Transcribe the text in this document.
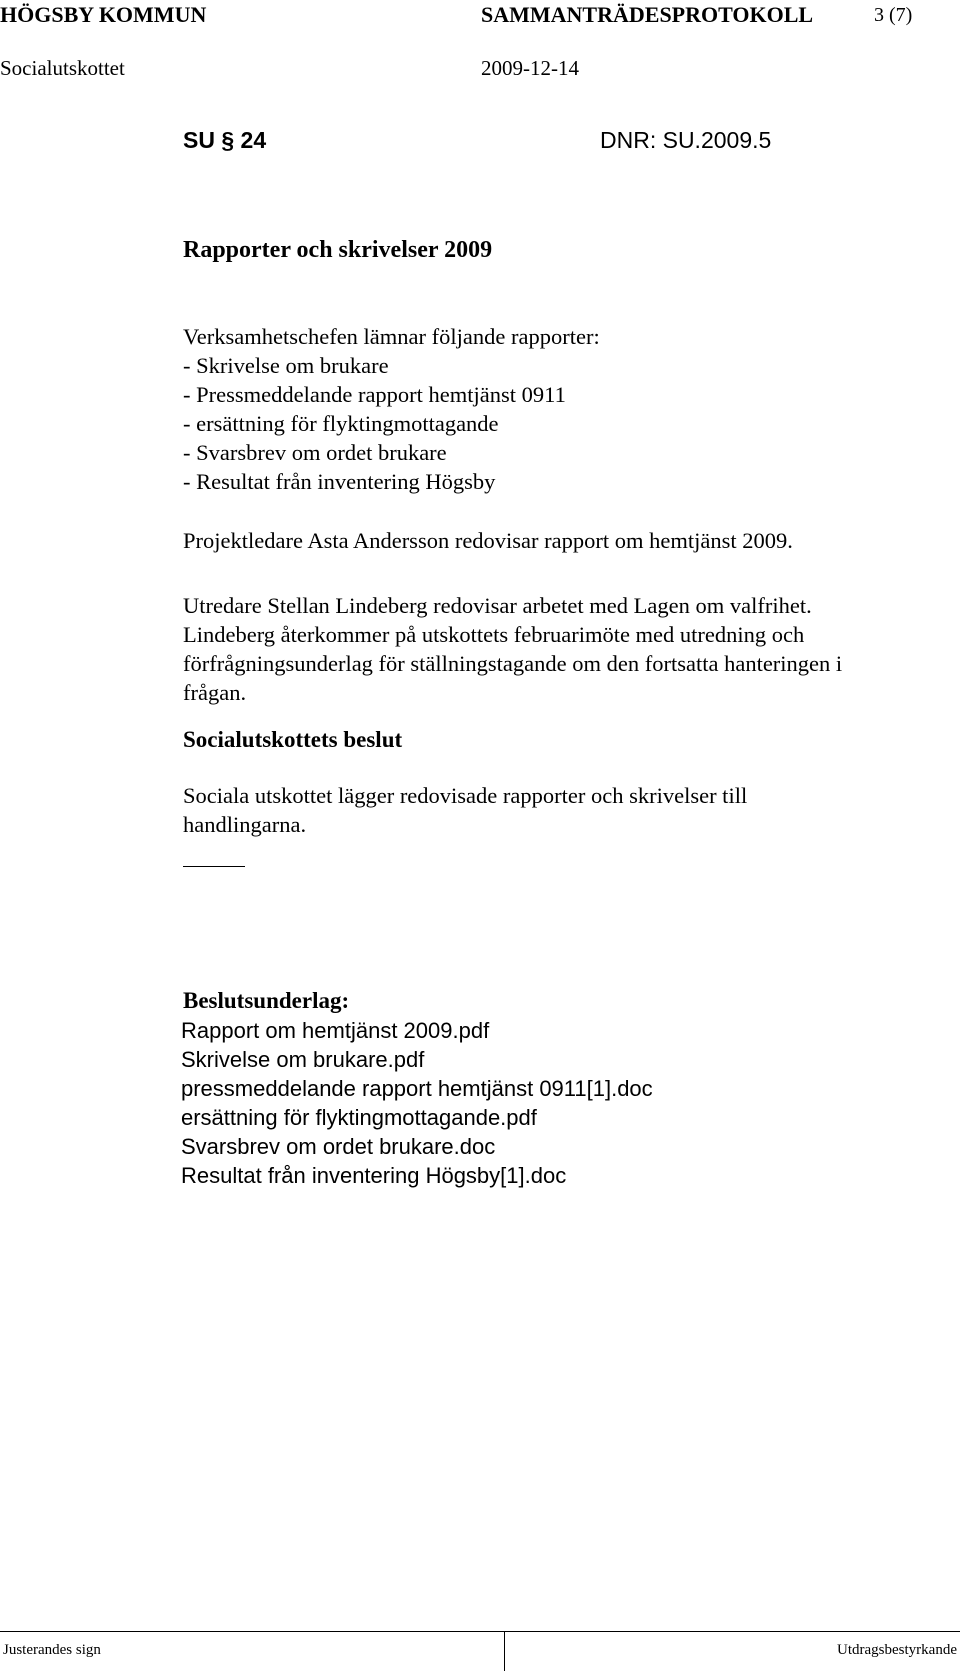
HÖGSBY KOMMUN	SAMMANTRÄDESPROTOKOLL	3 (7)
Socialutskottet	2009-12-14
SU § 24	DNR: SU.2009.5
Rapporter och skrivelser 2009
Verksamhetschefen lämnar följande rapporter:
- Skrivelse om brukare
- Pressmeddelande rapport hemtjänst 0911
- ersättning för flyktingmottagande
- Svarsbrev om ordet brukare
- Resultat från inventering Högsby
Projektledare Asta Andersson redovisar rapport om hemtjänst 2009.
Utredare Stellan Lindeberg redovisar arbetet med Lagen om valfrihet.
Lindeberg återkommer på utskottets februarimöte med utredning och
förfrågningsunderlag för ställningstagande om den fortsatta hanteringen i
frågan.
Socialutskottets beslut
Sociala utskottet lägger redovisade rapporter och skrivelser till
handlingarna.
Beslutsunderlag:
Rapport om hemtjänst 2009.pdf
Skrivelse om brukare.pdf
pressmeddelande rapport hemtjänst 0911[1].doc
ersättning för flyktingmottagande.pdf
Svarsbrev om ordet brukare.doc
Resultat från inventering Högsby[1].doc
Justerandes sign	Utdragsbestyrkande
